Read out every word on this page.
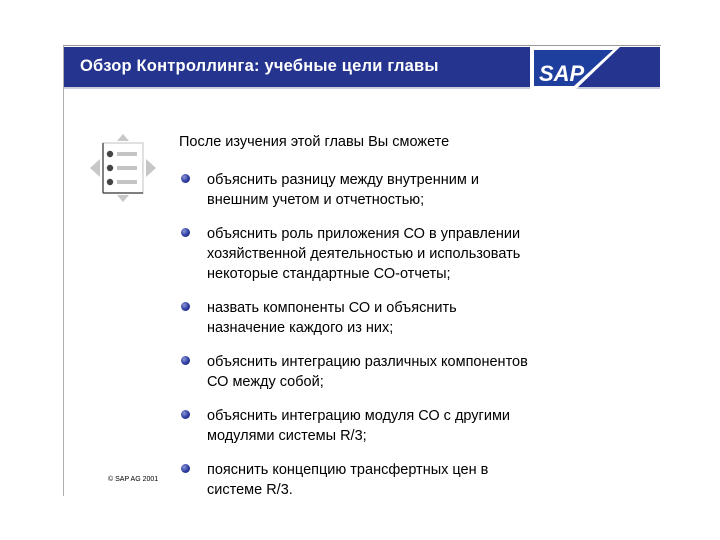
Обзор Контроллинга: учебные цели главы	SAP
После изучения этой главы Вы сможете
объяснить разницу между внутренним и
внешним учетом и отчетностью;
объяснить роль приложения СО в управлении
хозяйственной деятельностью и использовать
некоторые стандартные СО-отчеты;
назвать компоненты СО и объяснить
назначение каждого из них;
объяснить интеграцию различных компонентов
СО между собой;
объяснить интеграцию модуля СО с другими
модулями системы R/3;
пояснить концепцию трансфертных цен в
системе R/3.
© SAP AG 2001
